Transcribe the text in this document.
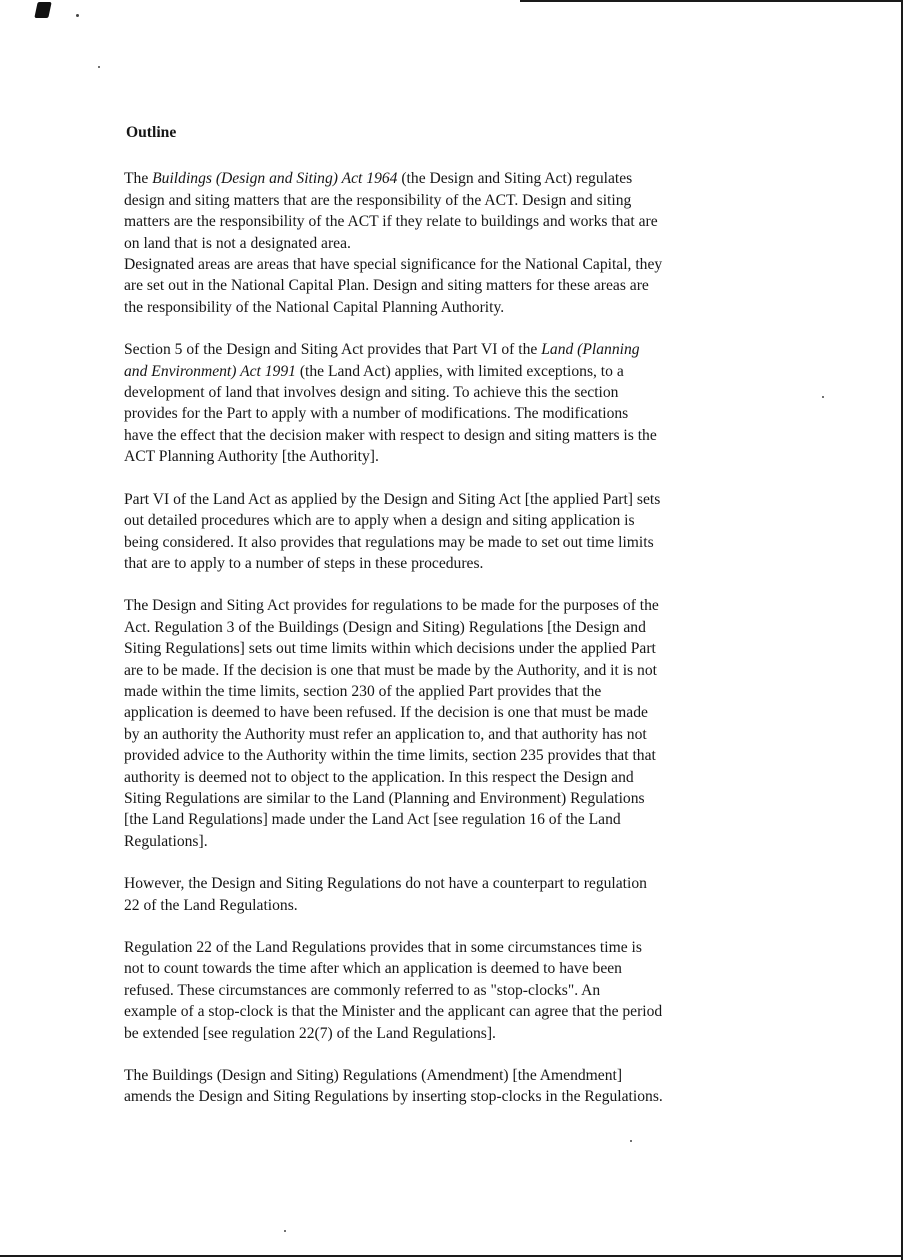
Outline
The Buildings (Design and Siting) Act 1964 (the Design and Siting Act) regulates
design and siting matters that are the responsibility of the ACT. Design and siting
matters are the responsibility of the ACT if they relate to buildings and works that are
on land that is not a designated area.
Designated areas are areas that have special significance for the National Capital, they
are set out in the National Capital Plan. Design and siting matters for these areas are
the responsibility of the National Capital Planning Authority.
Section 5 of the Design and Siting Act provides that Part VI of the Land (Planning
and Environment) Act 1991 (the Land Act) applies, with limited exceptions, to a
development of land that involves design and siting. To achieve this the section
provides for the Part to apply with a number of modifications. The modifications
have the effect that the decision maker with respect to design and siting matters is the
ACT Planning Authority [the Authority].
Part VI of the Land Act as applied by the Design and Siting Act [the applied Part] sets
out detailed procedures which are to apply when a design and siting application is
being considered. It also provides that regulations may be made to set out time limits
that are to apply to a number of steps in these procedures.
The Design and Siting Act provides for regulations to be made for the purposes of the
Act. Regulation 3 of the Buildings (Design and Siting) Regulations [the Design and
Siting Regulations] sets out time limits within which decisions under the applied Part
are to be made. If the decision is one that must be made by the Authority, and it is not
made within the time limits, section 230 of the applied Part provides that the
application is deemed to have been refused. If the decision is one that must be made
by an authority the Authority must refer an application to, and that authority has not
provided advice to the Authority within the time limits, section 235 provides that that
authority is deemed not to object to the application. In this respect the Design and
Siting Regulations are similar to the Land (Planning and Environment) Regulations
[the Land Regulations] made under the Land Act [see regulation 16 of the Land
Regulations].
However, the Design and Siting Regulations do not have a counterpart to regulation
22 of the Land Regulations.
Regulation 22 of the Land Regulations provides that in some circumstances time is
not to count towards the time after which an application is deemed to have been
refused. These circumstances are commonly referred to as "stop-clocks". An
example of a stop-clock is that the Minister and the applicant can agree that the period
be extended [see regulation 22(7) of the Land Regulations].
The Buildings (Design and Siting) Regulations (Amendment) [the Amendment]
amends the Design and Siting Regulations by inserting stop-clocks in the Regulations.
